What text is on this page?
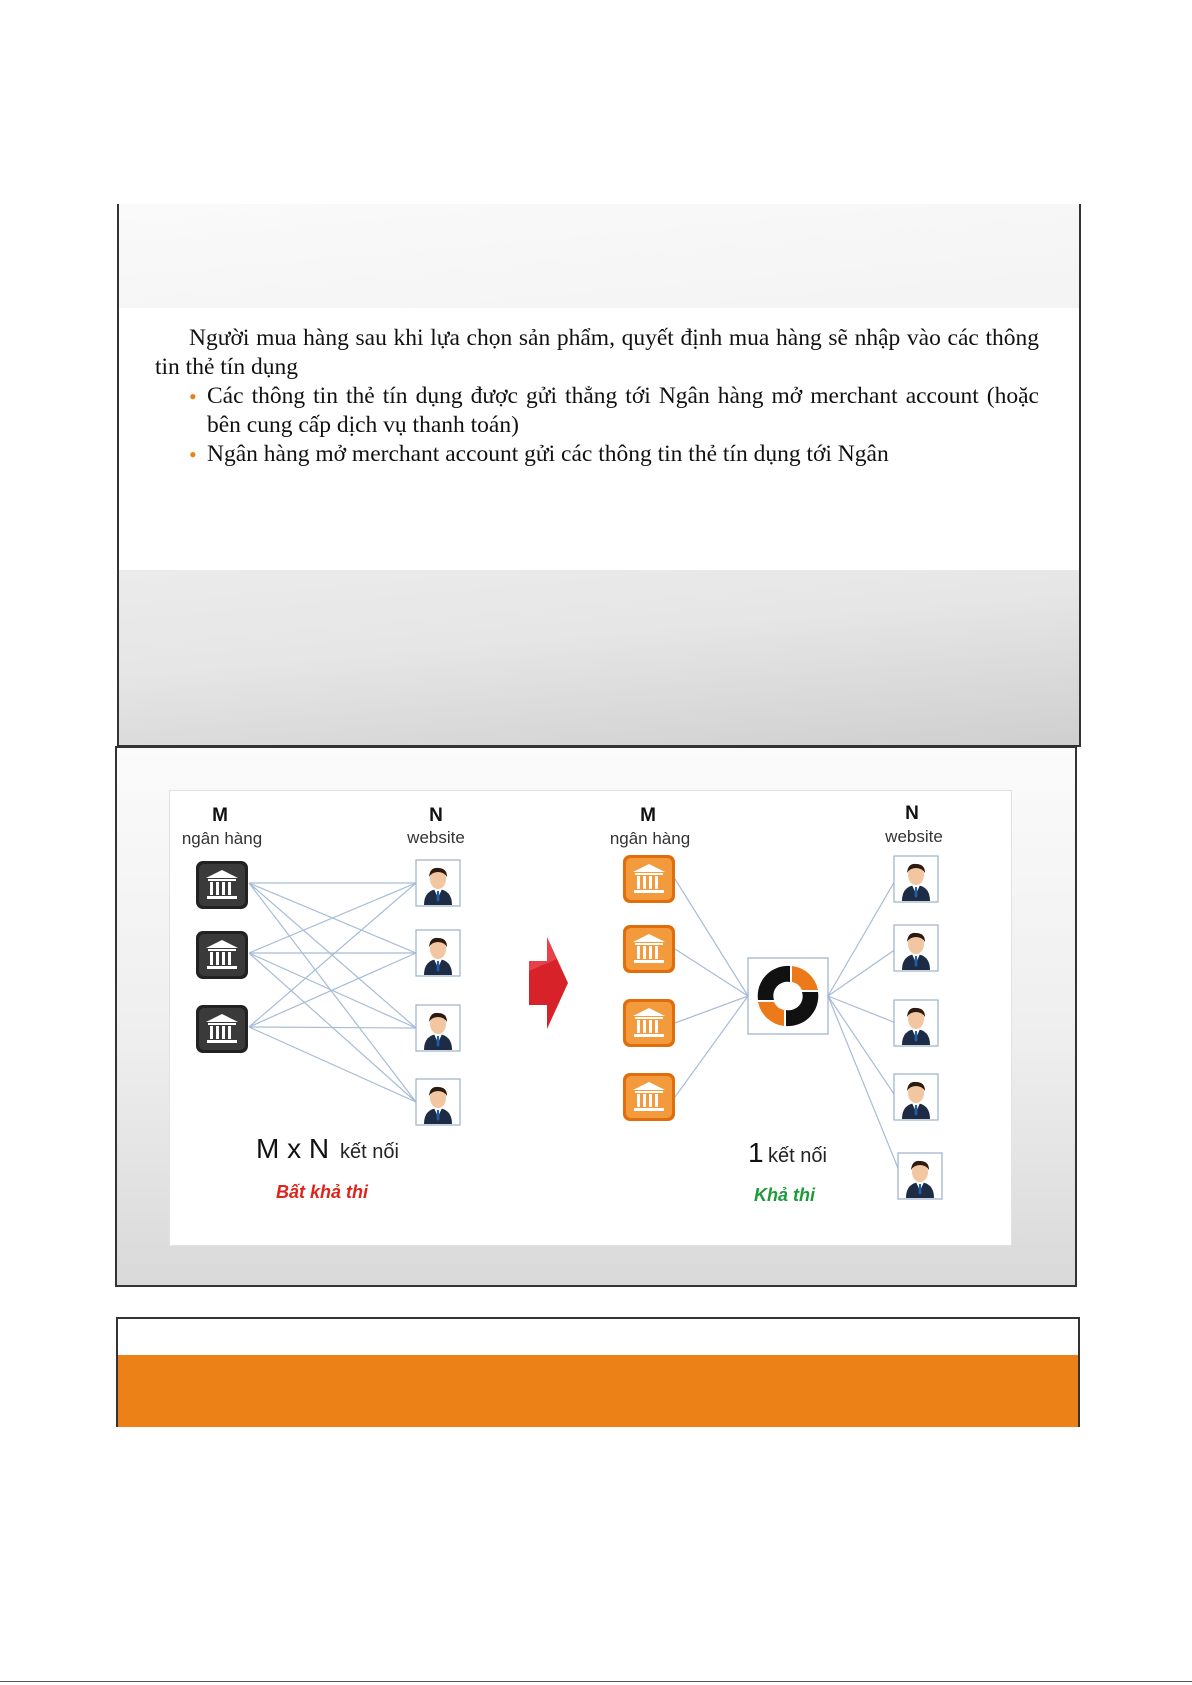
Người mua hàng sau khi lựa chọn sản phẩm, quyết định mua hàng sẽ nhập vào các thông tin thẻ tín dụng

• Các thông tin thẻ tín dụng được gửi thẳng tới Ngân hàng mở merchant account (hoặc bên cung cấp dịch vụ thanh toán)

• Ngân hàng mở merchant account gửi các thông tin thẻ tín dụng tới Ngân

M
ngân hàng
N
website
M x N kết nối
Bất khả thi
M
ngân hàng
N
website
1 kết nối
Khả thi
